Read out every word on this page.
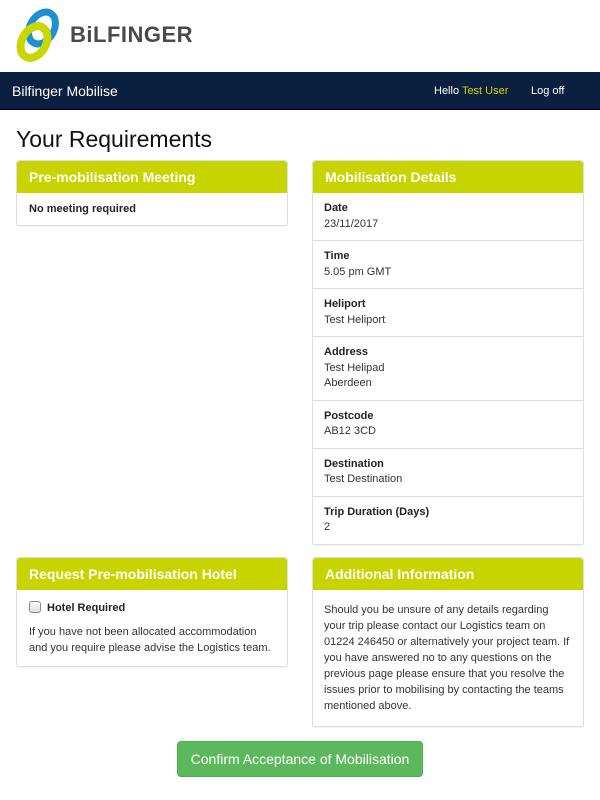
BiLFINGER
Bilfinger Mobilise	Hello Test User Log off
Your Requirements
Pre-mobilisation Meeting
No meeting required
Mobilisation Details
Date
23/11/2017
Time
5.05 pm GMT
Heliport
Test Heliport
Address
Test Helipad
Aberdeen
Postcode
AB12 3CD
Destination
Test Destination
Trip Duration (Days)
2
Request Pre-mobilisation Hotel
Hotel Required
If you have not been allocated accommodation and you require please advise the Logistics team.
Additional Information
Should you be unsure of any details regarding your trip please contact our Logistics team on 01224 246450 or alternatively your project team. If you have answered no to any questions on the previous page please ensure that you resolve the issues prior to mobilising by contacting the teams mentioned above.
Confirm Acceptance of Mobilisation
